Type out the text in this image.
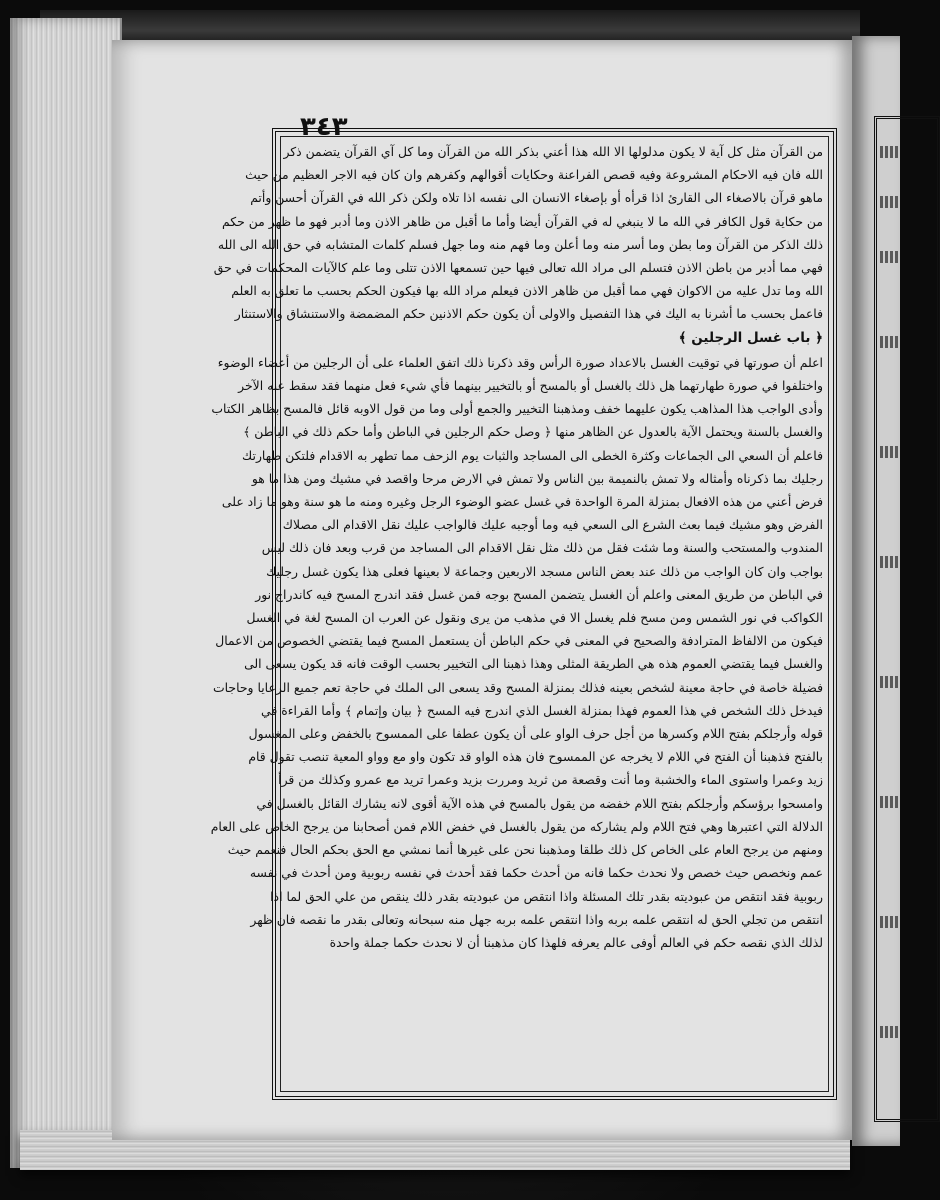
٣٤٣
من القرآن مثل كل آية لا يكون مدلولها الا الله هذا أعني بذكر الله من القرآن وما كل آي القرآن يتضمن ذكر
الله فان فيه الاحكام المشروعة وفيه قصص الفراعنة وحكايات أقوالهم وكفرهم وان كان فيه الاجر العظيم من حيث
ماهو قرآن بالاصغاء الى القارئ اذا قرأه أو بإصغاء الانسان الى نفسه اذا تلاه ولكن ذكر الله في القرآن أحسن وأتم
من حكاية قول الكافر في الله ما لا ينبغي له في القرآن أيضا وأما ما أقبل من ظاهر الاذن وما أدبر فهو ما ظهر من حكم
ذلك الذكر من القرآن وما بطن وما أسر منه وما أعلن وما فهم منه وما جهل فسلم كلمات المتشابه في حق الله الى الله
فهي مما أدبر من باطن الاذن فتسلم الى مراد الله تعالى فيها حين تسمعها الاذن تتلى وما علم كالآيات المحكمات في حق
الله وما تدل عليه من الاكوان فهي مما أقبل من ظاهر الاذن فيعلم مراد الله بها فيكون الحكم بحسب ما تعلق به العلم
فاعمل بحسب ما أشرنا به اليك في هذا التفصيل والاولى أن يكون حكم الاذنين حكم المضمضة والاستنشاق والاستنثار
﴿ باب غسل الرجلين ﴾
اعلم أن صورتها في توقيت الغسل بالاعداد صورة الرأس وقد ذكرنا ذلك اتفق العلماء على أن الرجلين من أعضاء الوضوء
واختلفوا في صورة طهارتهما هل ذلك بالغسل أو بالمسح أو بالتخيير بينهما فأي شيء فعل منهما فقد سقط عنه الآخر
وأدى الواجب هذا المذاهب يكون عليهما خفف ومذهبنا التخيير والجمع أولى وما من قول الاوبه قائل فالمسح بظاهر الكتاب
والغسل بالسنة ويحتمل الآية بالعدول عن الظاهر منها ﴿ وصل حكم الرجلين في الباطن وأما حكم ذلك في الباطن ﴾
فاعلم أن السعي الى الجماعات وكثرة الخطى الى المساجد والثبات يوم الزحف مما تطهر به الاقدام فلتكن طهارتك
رجليك بما ذكرناه وأمثاله ولا تمش بالنميمة بين الناس ولا تمش في الارض مرحا واقصد في مشيك ومن هذا ما هو
فرض أعني من هذه الافعال بمنزلة المرة الواحدة في غسل عضو الوضوء الرجل وغيره ومنه ما هو سنة وهو ما زاد على
الفرض وهو مشيك فيما بعث الشرع الى السعي فيه وما أوجبه عليك فالواجب عليك نقل الاقدام الى مصلاك
المندوب والمستحب والسنة وما شئت فقل من ذلك مثل نقل الاقدام الى المساجد من قرب وبعد فان ذلك ليس
بواجب وان كان الواجب من ذلك عند بعض الناس مسجد الاربعين وجماعة لا بعينها فعلى هذا يكون غسل رجليك
في الباطن من طريق المعنى واعلم أن الغسل يتضمن المسح بوجه فمن غسل فقد اندرج المسح فيه كاندراج نور
الكواكب في نور الشمس ومن مسح فلم يغسل الا في مذهب من يرى ونقول عن العرب ان المسح لغة في الغسل
فيكون من الالفاظ المترادفة والصحيح في المعنى في حكم الباطن أن يستعمل المسح فيما يقتضي الخصوص من الاعمال
والغسل فيما يقتضي العموم هذه هي الطريقة المثلى وهذا ذهبنا الى التخيير بحسب الوقت فانه قد يكون يسعى الى
فضيلة خاصة في حاجة معينة لشخص بعينه فذلك بمنزلة المسح وقد يسعى الى الملك في حاجة تعم جميع الرعايا وحاجات
فيدخل ذلك الشخص في هذا العموم فهذا بمنزلة الغسل الذي اندرج فيه المسح ﴿ بيان وإتمام ﴾ وأما القراءة في
قوله وأرجلكم بفتح اللام وكسرها من أجل حرف الواو على أن يكون عطفا على الممسوح بالخفض وعلى المغسول
بالفتح فذهبنا أن الفتح في اللام لا يخرجه عن الممسوح فان هذه الواو قد تكون واو مع وواو المعية تنصب تقول قام
زيد وعمرا واستوى الماء والخشبة وما أنت وقصعة من ثريد ومررت بزيد وعمرا ترید مع عمرو وكذلك من قرأ
وامسحوا برؤسكم وأرجلكم بفتح اللام خفضه من يقول بالمسح في هذه الآية أقوى لانه يشارك القائل بالغسل في
الدلالة التي اعتبرها وهي فتح اللام ولم يشاركه من يقول بالغسل في خفض اللام فمن أصحابنا من يرجح الخاص على العام
ومنهم من يرجح العام على الخاص كل ذلك طلقا ومذهبنا نحن على غيرها أنما نمشي مع الحق بحكم الحال فنعمم حيث
عمم ونخصص حيث خصص ولا نحدث حكما فانه من أحدث حكما فقد أحدث في نفسه ربوبية ومن أحدث في نفسه
ربوبية فقد انتقص من عبوديته بقدر تلك المسئلة واذا انتقص من عبوديته بقدر ذلك ينقص من علي الحق لما اذا
انتقص من تجلي الحق له انتقص علمه بربه واذا انتقص علمه بربه جهل منه سبحانه وتعالى بقدر ما نقصه فان ظهر
لذلك الذي نقصه حكم في العالم أوفى عالم يعرفه فلهذا كان مذهبنا أن لا نحدث حكما جملة واحدة
